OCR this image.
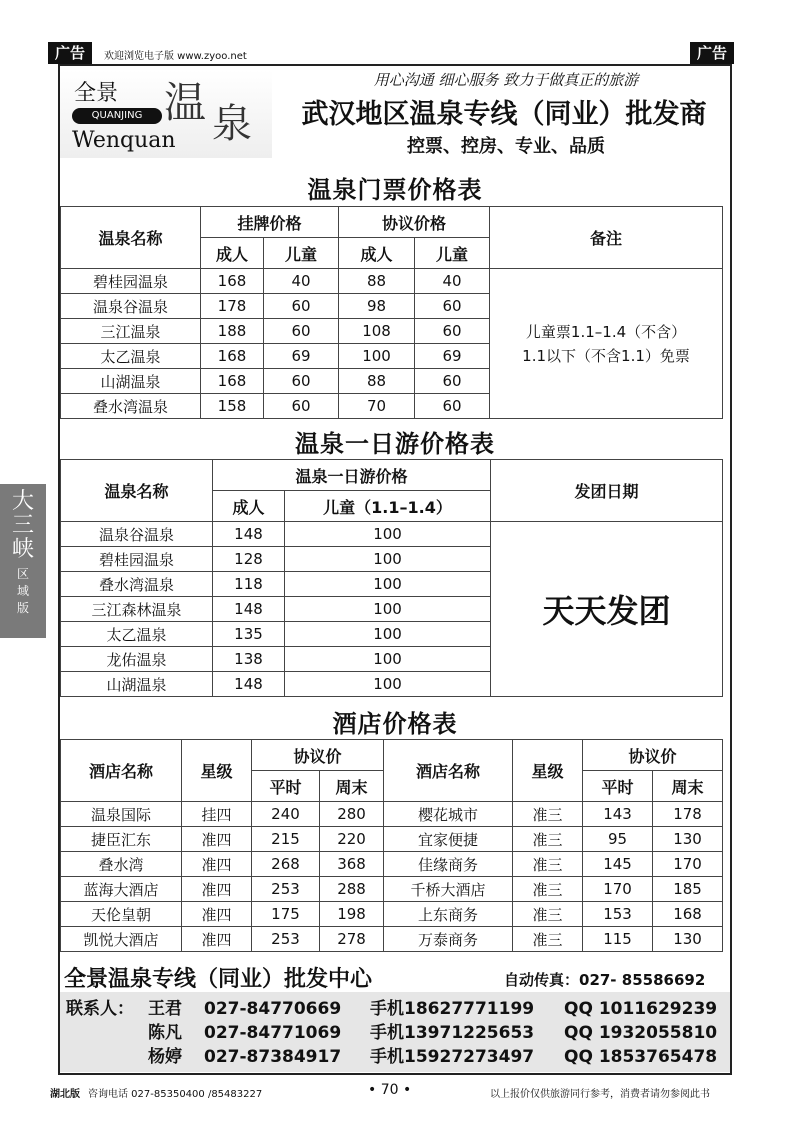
广告	欢迎浏览电子版 www.zyoo.net	广告
全景
QUANJING 温 泉
Wenquan
用心沟通 细心服务 致力于做真正的旅游
武汉地区温泉专线（同业）批发商
控票、控房、专业、品质
温泉门票价格表
温泉名称	挂牌价格		协议价格		备注
	成人	儿童	成人	儿童	
碧桂园温泉	168	40	88	40	儿童票1.1–1.4（不含）
1.1以下（不含1.1）免票

温泉谷温泉	178	60	98	60	
三江温泉	188	60	108	60	
太乙温泉	168	69	100	69	
山湖温泉	168	60	88	60	
叠水湾温泉	158	60	70	60	
温泉一日游价格表
温泉名称	温泉一日游价格		发团日期
	成人	儿童（1.1–1.4）	
温泉谷温泉	148	100	天天发团
碧桂园温泉	128	100	
叠水湾温泉	118	100	
三江森林温泉	148	100	
太乙温泉	135	100	
龙佑温泉	138	100	
山湖温泉	148	100	
酒店价格表
酒店名称	星级	协议价		酒店名称	星级	协议价	
		平时	周末			平时	周末
温泉国际	挂四	240	280	樱花城市	准三	143	178
捷臣汇东	准四	215	220	宜家便捷	准三	95	130
叠水湾	准四	268	368	佳缘商务	准三	145	170
蓝海大酒店	准四	253	288	千桥大酒店	准三	170	185
天伦皇朝	准四	175	198	上东商务	准三	153	168
凯悦大酒店	准四	253	278	万泰商务	准三	115	130
全景温泉专线（同业）批发中心	自动传真：027- 85586692
联系人： 王君 027-84770669 手机18627771199 QQ 1011629239
陈凡 027-84771069 手机13971225653 QQ 1932055810
杨婷 027-87384917 手机15927273497 QQ 1853765478
大
三
峡
区
域
版
湖北版 咨询电话 027-85350400 /85483227	• 70 •	以上报价仅供旅游同行参考，消费者请勿参阅此书
